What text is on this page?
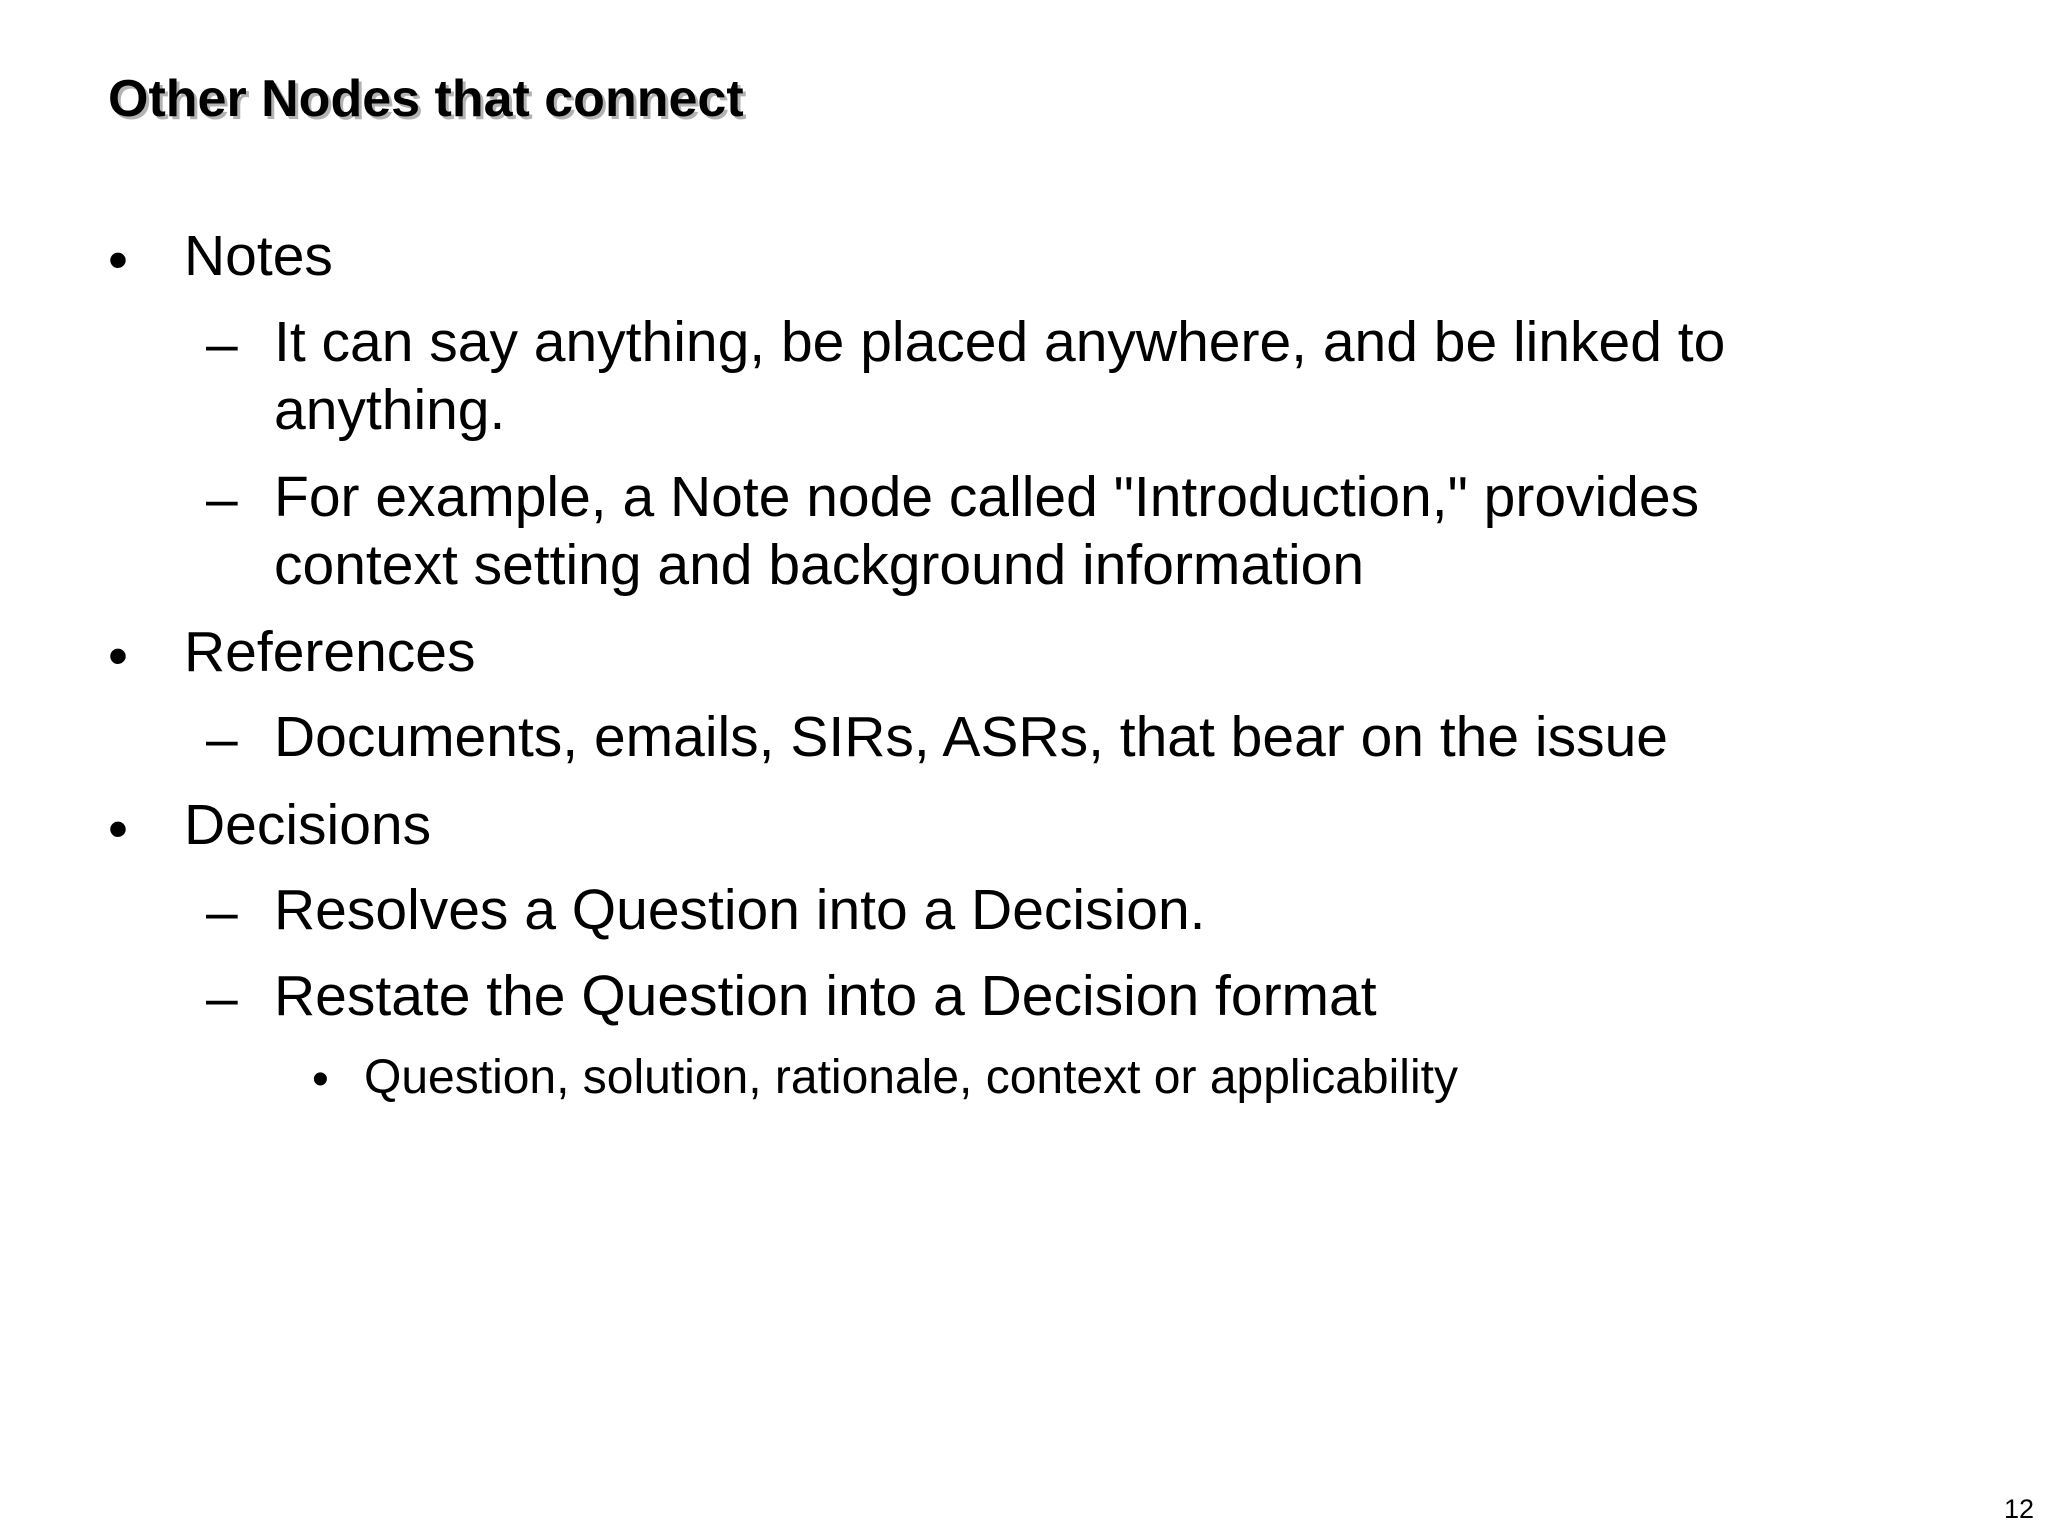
Other Nodes that connect
• Notes
– It can say anything, be placed anywhere, and be linked to
anything.
– For example, a Note node called "Introduction," provides
context setting and background information
• References
– Documents, emails, SIRs, ASRs, that bear on the issue
• Decisions
– Resolves a Question into a Decision.
– Restate the Question into a Decision format
• Question, solution, rationale, context or applicability
12
